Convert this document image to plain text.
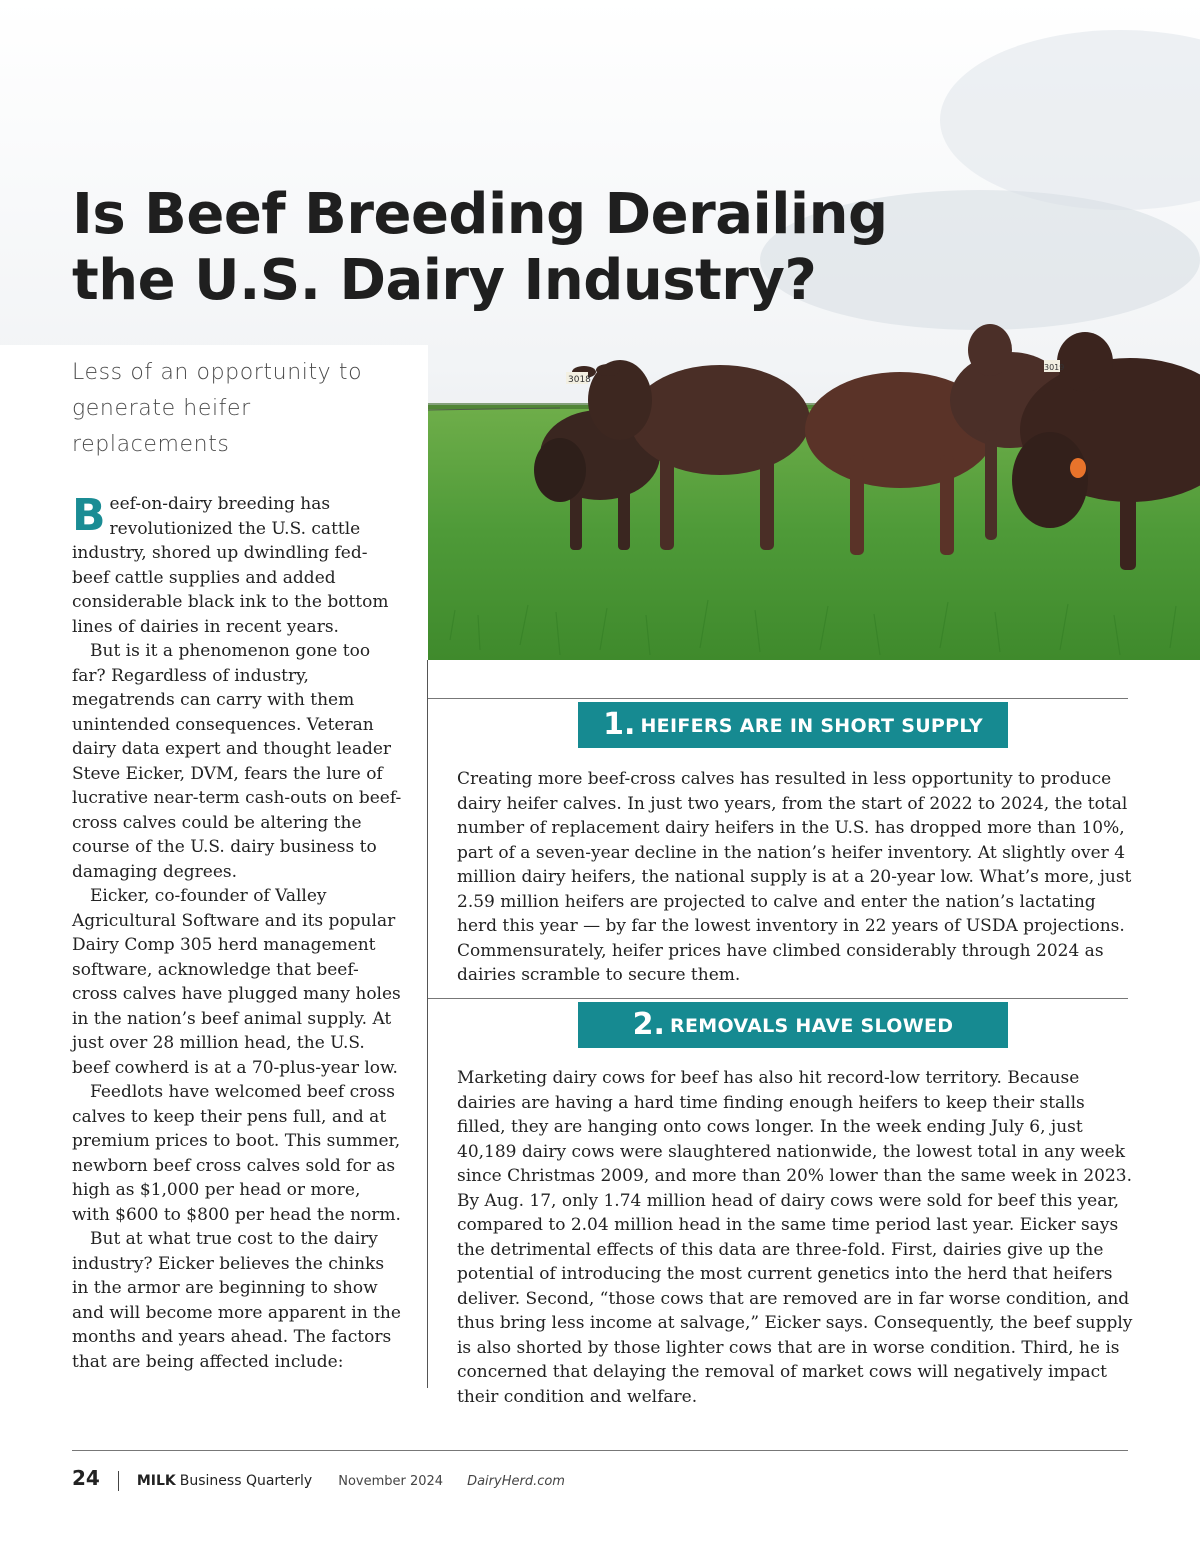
3018
3019
Is Beef Breeding Derailing
the U.S. Dairy Industry?

Less of an opportunity to
generate heifer replacements

Beef-on-dairy breeding has revolutionized the U.S. cattle industry, shored up dwindling fed-beef cattle supplies and added considerable black ink to the bottom lines of dairies in recent years.

But is it a phenomenon gone too far? Regardless of industry, megatrends can carry with them unintended consequences. Veteran dairy data expert and thought leader Steve Eicker, DVM, fears the lure of lucrative near-term cash-outs on beef-cross calves could be altering the course of the U.S. dairy business to damaging degrees.

Eicker, co-founder of Valley Agricultural Software and its popular Dairy Comp 305 herd management software, acknowledge that beef-cross calves have plugged many holes in the nation’s beef animal supply. At just over 28 million head, the U.S. beef cowherd is at a 70-plus-year low.

Feedlots have welcomed beef cross calves to keep their pens full, and at premium prices to boot. This summer, newborn beef cross calves sold for as high as $1,000 per head or more, with $600 to $800 per head the norm.

But at what true cost to the dairy industry? Eicker believes the chinks in the armor are beginning to show and will become more apparent in the months and years ahead. The factors that are being affected include:

1. HEIFERS ARE IN SHORT SUPPLY

Creating more beef-cross calves has resulted in less opportunity to produce dairy heifer calves. In just two years, from the start of 2022 to 2024, the total number of replacement dairy heifers in the U.S. has dropped more than 10%, part of a seven-year decline in the nation’s heifer inventory. At slightly over 4 million dairy heifers, the national supply is at a 20-year low. What’s more, just 2.59 million heifers are projected to calve and enter the nation’s lactating herd this year — by far the lowest inventory in 22 years of USDA projections. Commensurately, heifer prices have climbed considerably through 2024 as dairies scramble to secure them.

2. REMOVALS HAVE SLOWED

Marketing dairy cows for beef has also hit record-low territory. Because dairies are having a hard time finding enough heifers to keep their stalls filled, they are hanging onto cows longer. In the week ending July 6, just 40,189 dairy cows were slaughtered nationwide, the lowest total in any week since Christmas 2009, and more than 20% lower than the same week in 2023. By Aug. 17, only 1.74 million head of dairy cows were sold for beef this year, compared to 2.04 million head in the same time period last year. Eicker says the detrimental effects of this data are three-fold. First, dairies give up the potential of introducing the most current genetics into the herd that heifers deliver. Second, “those cows that are removed are in far worse condition, and thus bring less income at salvage,” Eicker says. Consequently, the beef supply is also shorted by those lighter cows that are in worse condition. Third, he is concerned that delaying the removal of market cows will negatively impact their condition and welfare.

24	MILK Business Quarterly November 2024 DairyHerd.com
